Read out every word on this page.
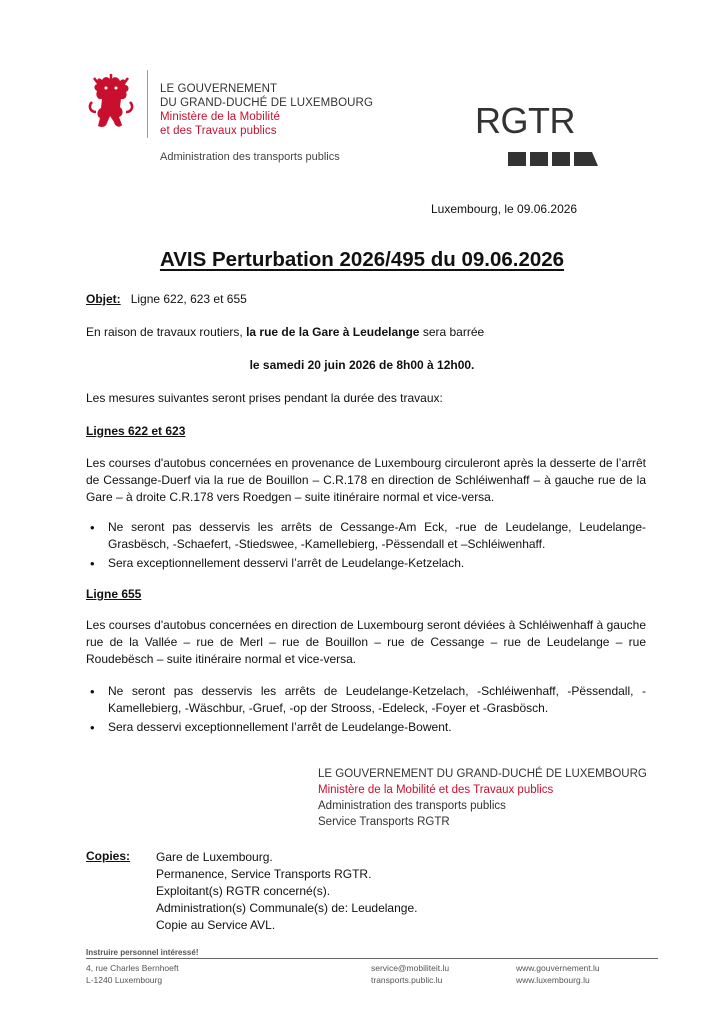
LE GOUVERNEMENT
DU GRAND-DUCHÉ DE LUXEMBOURG
Ministère de la Mobilité
et des Travaux publics
Administration des transports publics
RGTR
Luxembourg, le 09.06.2026
AVIS Perturbation 2026/495 du 09.06.2026
Objet: Ligne 622, 623 et 655
En raison de travaux routiers, la rue de la Gare à Leudelange sera barrée
le samedi 20 juin 2026 de 8h00 à 12h00.
Les mesures suivantes seront prises pendant la durée des travaux:
Lignes 622 et 623
Les courses d'autobus concernées en provenance de Luxembourg circuleront après la desserte de l’arrêt de Cessange-Duerf via la rue de Bouillon – C.R.178 en direction de Schléiwenhaff – à gauche rue de la Gare – à droite C.R.178 vers Roedgen – suite itinéraire normal et vice-versa.
• Ne seront pas desservis les arrêts de Cessange-Am Eck, -rue de Leudelange, Leudelange-Grasbësch, -Schaefert, -Stiedswee, -Kamellebierg, -Pëssendall et –Schléiwenhaff.
• Sera exceptionnellement desservi l’arrêt de Leudelange-Ketzelach.
Ligne 655
Les courses d'autobus concernées en direction de Luxembourg seront déviées à Schléiwenhaff à gauche rue de la Vallée – rue de Merl – rue de Bouillon – rue de Cessange – rue de Leudelange – rue Roudebësch – suite itinéraire normal et vice-versa.
• Ne seront pas desservis les arrêts de Leudelange-Ketzelach, -Schléiwenhaff, -Pëssendall, -Kamellebierg, -Wäschbur, -Gruef, -op der Strooss, -Edeleck, -Foyer et -Grasbösch.
• Sera desservi exceptionnellement l’arrêt de Leudelange-Bowent.
LE GOUVERNEMENT DU GRAND-DUCHÉ DE LUXEMBOURG
Ministère de la Mobilité et des Travaux publics
Administration des transports publics
Service Transports RGTR
Copies: Gare de Luxembourg.
Permanence, Service Transports RGTR.
Exploitant(s) RGTR concerné(s).
Administration(s) Communale(s) de: Leudelange.
Copie au Service AVL.
Instruire personnel intéressé!
4, rue Charles Bernhoeft
L-1240 Luxembourg
service@mobiliteit.lu
transports.public.lu
www.gouvernement.lu
www.luxembourg.lu
